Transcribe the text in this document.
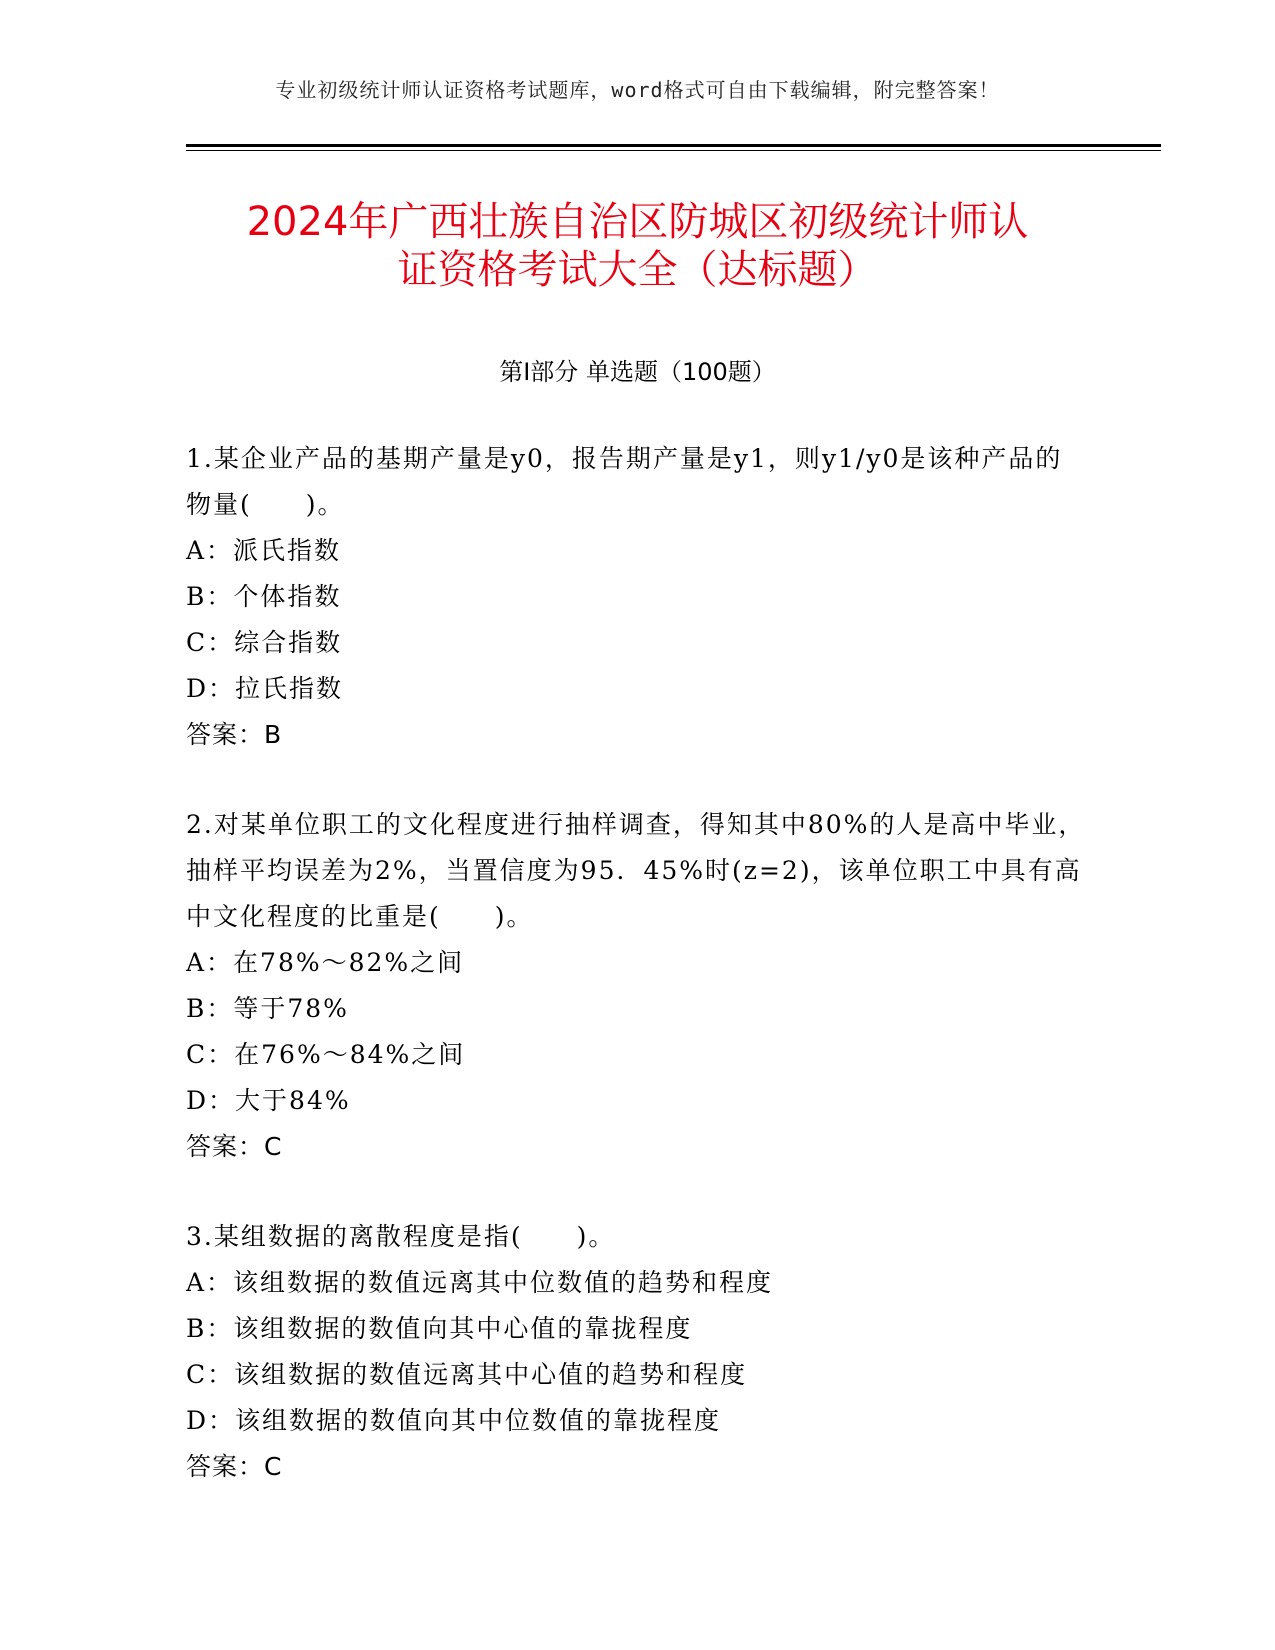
专业初级统计师认证资格考试题库，word格式可自由下载编辑，附完整答案！
2024年广西壮族自治区防城区初级统计师认
证资格考试大全（达标题）
第Ⅰ部分 单选题（100题）
1.某企业产品的基期产量是y0，报告期产量是y1，则y1/y0是该种产品的物量(　　)。
A：派氏指数
B：个体指数
C：综合指数
D：拉氏指数
答案：B
2.对某单位职工的文化程度进行抽样调查，得知其中80%的人是高中毕业，抽样平均误差为2%，当置信度为95．45%时(z=2)，该单位职工中具有高中文化程度的比重是(　　)。
A：在78%～82%之间
B：等于78%
C：在76%～84%之间
D：大于84%
答案：C
3.某组数据的离散程度是指(　　)。
A：该组数据的数值远离其中位数值的趋势和程度
B：该组数据的数值向其中心值的靠拢程度
C：该组数据的数值远离其中心值的趋势和程度
D：该组数据的数值向其中位数值的靠拢程度
答案：C
